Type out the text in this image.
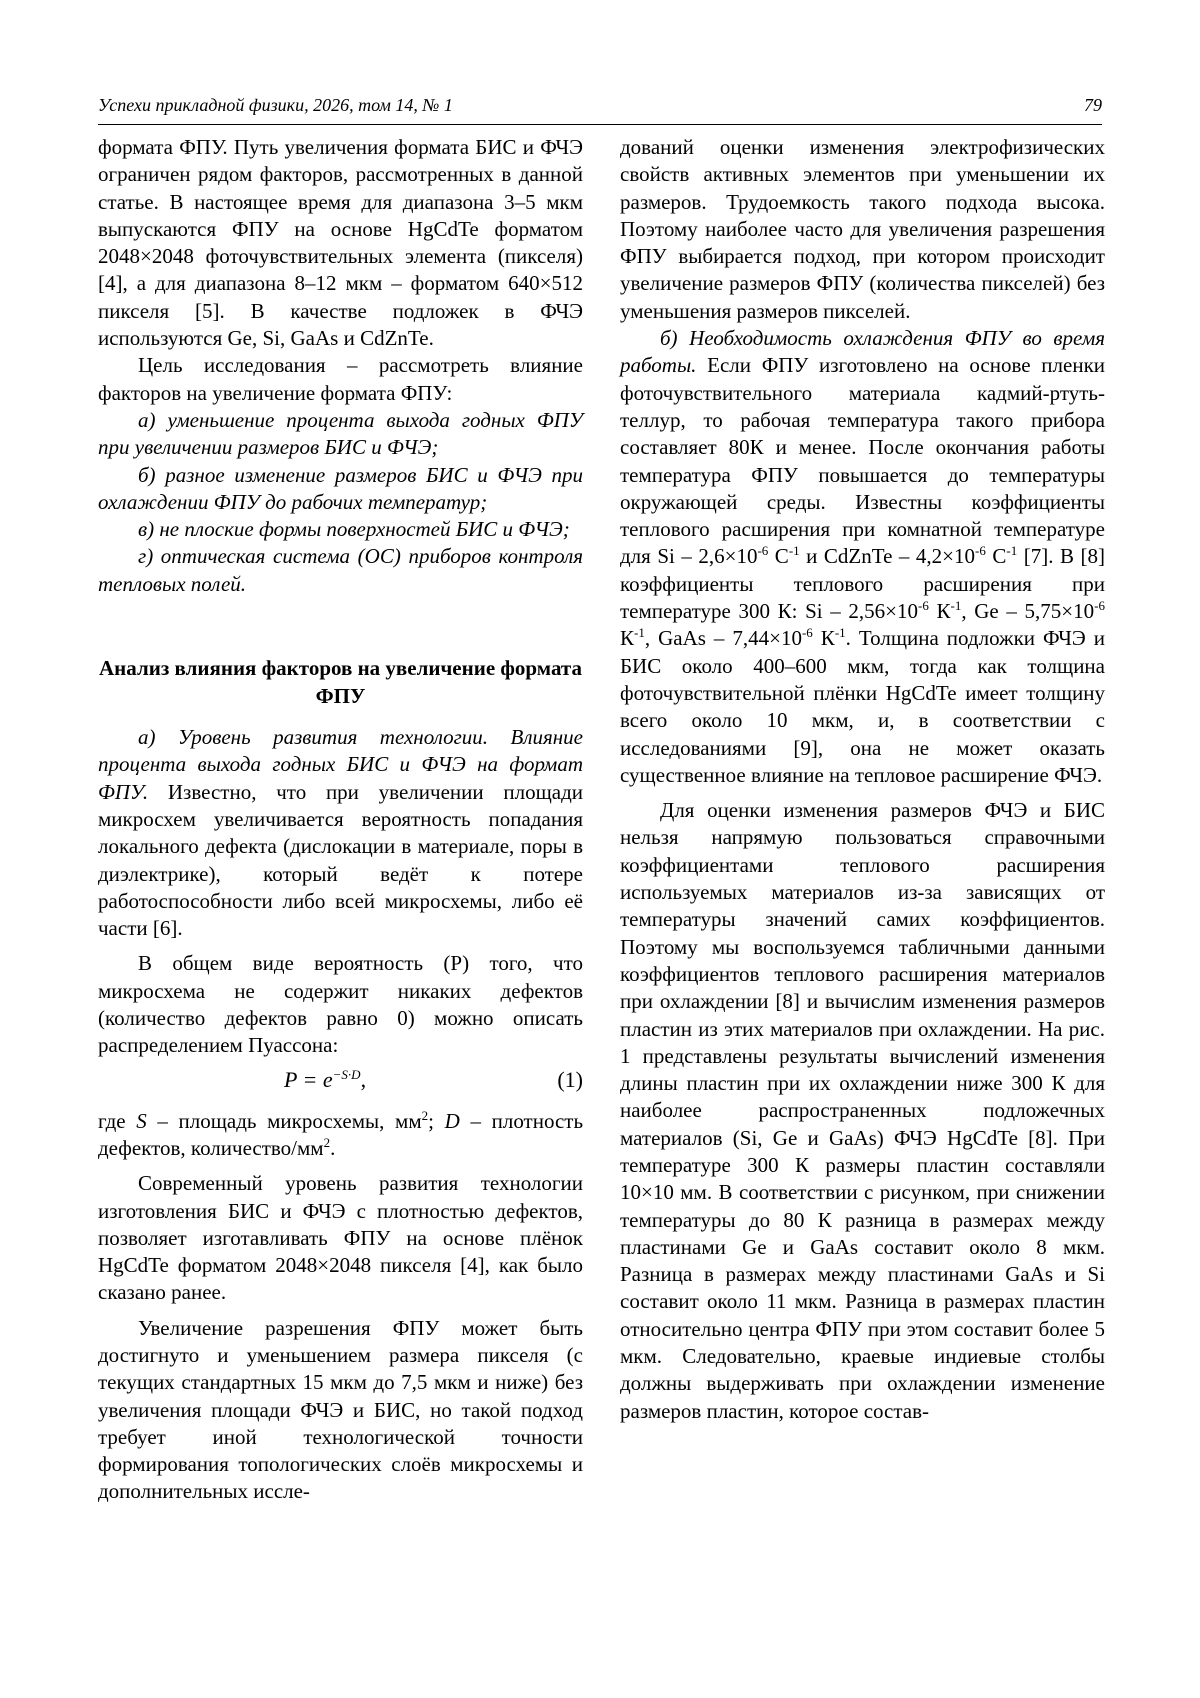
Успехи прикладной физики, 2026, том 14, № 1	79

формата ФПУ. Путь увеличения формата БИС и ФЧЭ ограничен рядом факторов, рассмотренных в данной статье. В настоящее время для диапазона 3–5 мкм выпускаются ФПУ на основе HgCdTe форматом 2048×2048 фоточувствительных элемента (пикселя) [4], а для диапазона 8–12 мкм – форматом 640×512 пикселя [5]. В качестве подложек в ФЧЭ используются Ge, Si, GaAs и CdZnTe.

Цель исследования – рассмотреть влияние факторов на увеличение формата ФПУ:

а) уменьшение процента выхода годных ФПУ при увеличении размеров БИС и ФЧЭ;

б) разное изменение размеров БИС и ФЧЭ при охлаждении ФПУ до рабочих температур;

в) не плоские формы поверхностей БИС и ФЧЭ;

г) оптическая система (ОС) приборов контроля тепловых полей.

Анализ влияния факторов на увеличение формата ФПУ

а) Уровень развития технологии. Влияние процента выхода годных БИС и ФЧЭ на формат ФПУ. Известно, что при увеличении площади микросхем увеличивается вероятность попадания локального дефекта (дислокации в материале, поры в диэлектрике), который ведёт к потере работоспособности либо всей микросхемы, либо её части [6].

В общем виде вероятность (P) того, что микросхема не содержит никаких дефектов (количество дефектов равно 0) можно описать распределением Пуассона:

$P = e^{-S\cdot D}$,	(1)

где S – площадь микросхемы, $мм^2$; D – плотность дефектов, количество/$мм^2$.

Современный уровень развития технологии изготовления БИС и ФЧЭ с плотностью дефектов, позволяет изготавливать ФПУ на основе плёнок HgCdTe форматом 2048×2048 пикселя [4], как было сказано ранее.

Увеличение разрешения ФПУ может быть достигнуто и уменьшением размера пикселя (с текущих стандартных 15 мкм до 7,5 мкм и ниже) без увеличения площади ФЧЭ и БИС, но такой подход требует иной технологической точности формирования топологических слоёв микросхемы и дополнительных иссле-

дований оценки изменения электрофизических свойств активных элементов при уменьшении их размеров. Трудоемкость такого подхода высока. Поэтому наиболее часто для увеличения разрешения ФПУ выбирается подход, при котором происходит увеличение размеров ФПУ (количества пикселей) без уменьшения размеров пикселей.

б) Необходимость охлаждения ФПУ во время работы. Если ФПУ изготовлено на основе пленки фоточувствительного материала кадмий-ртуть-теллур, то рабочая температура такого прибора составляет 80К и менее. После окончания работы температура ФПУ повышается до температуры окружающей среды. Известны коэффициенты теплового расширения при комнатной температуре для $Si - 2,6\times 10^{-6}$ $С^{-1}$ и CdZnTe – $4,2\times 10^{-6}$ $С^{-1}$ [7]. В [8] коэффициенты теплового расширения при температуре 300 К: $Si - 2,56\times 10^{-6}$ $К^{-1}$, $Ge - 5,75\times 10^{-6}$ $К^{-1}$, GaAs – $7,44\times 10^{-6}$ $К^{-1}$. Толщина подложки ФЧЭ и БИС около 400–600 мкм, тогда как толщина фоточувствительной плёнки HgCdTe имеет толщину всего около 10 мкм, и, в соответствии с исследованиями [9], она не может оказать существенное влияние на тепловое расширение ФЧЭ.

Для оценки изменения размеров ФЧЭ и БИС нельзя напрямую пользоваться справочными коэффициентами теплового расширения используемых материалов из-за зависящих от температуры значений самих коэффициентов. Поэтому мы воспользуемся табличными данными коэффициентов теплового расширения материалов при охлаждении [8] и вычислим изменения размеров пластин из этих материалов при охлаждении. На рис. 1 представлены результаты вычислений изменения длины пластин при их охлаждении ниже 300 К для наиболее распространенных подложечных материалов (Si, Ge и GaAs) ФЧЭ HgCdTe [8]. При температуре 300 К размеры пластин составляли 10×10 мм. В соответствии с рисунком, при снижении температуры до 80 К разница в размерах между пластинами Ge и GaAs составит около 8 мкм. Разница в размерах между пластинами GaAs и Si составит около 11 мкм. Разница в размерах пластин относительно центра ФПУ при этом составит более 5 мкм. Следовательно, краевые индиевые столбы должны выдерживать при охлаждении изменение размеров пластин, которое состав-
